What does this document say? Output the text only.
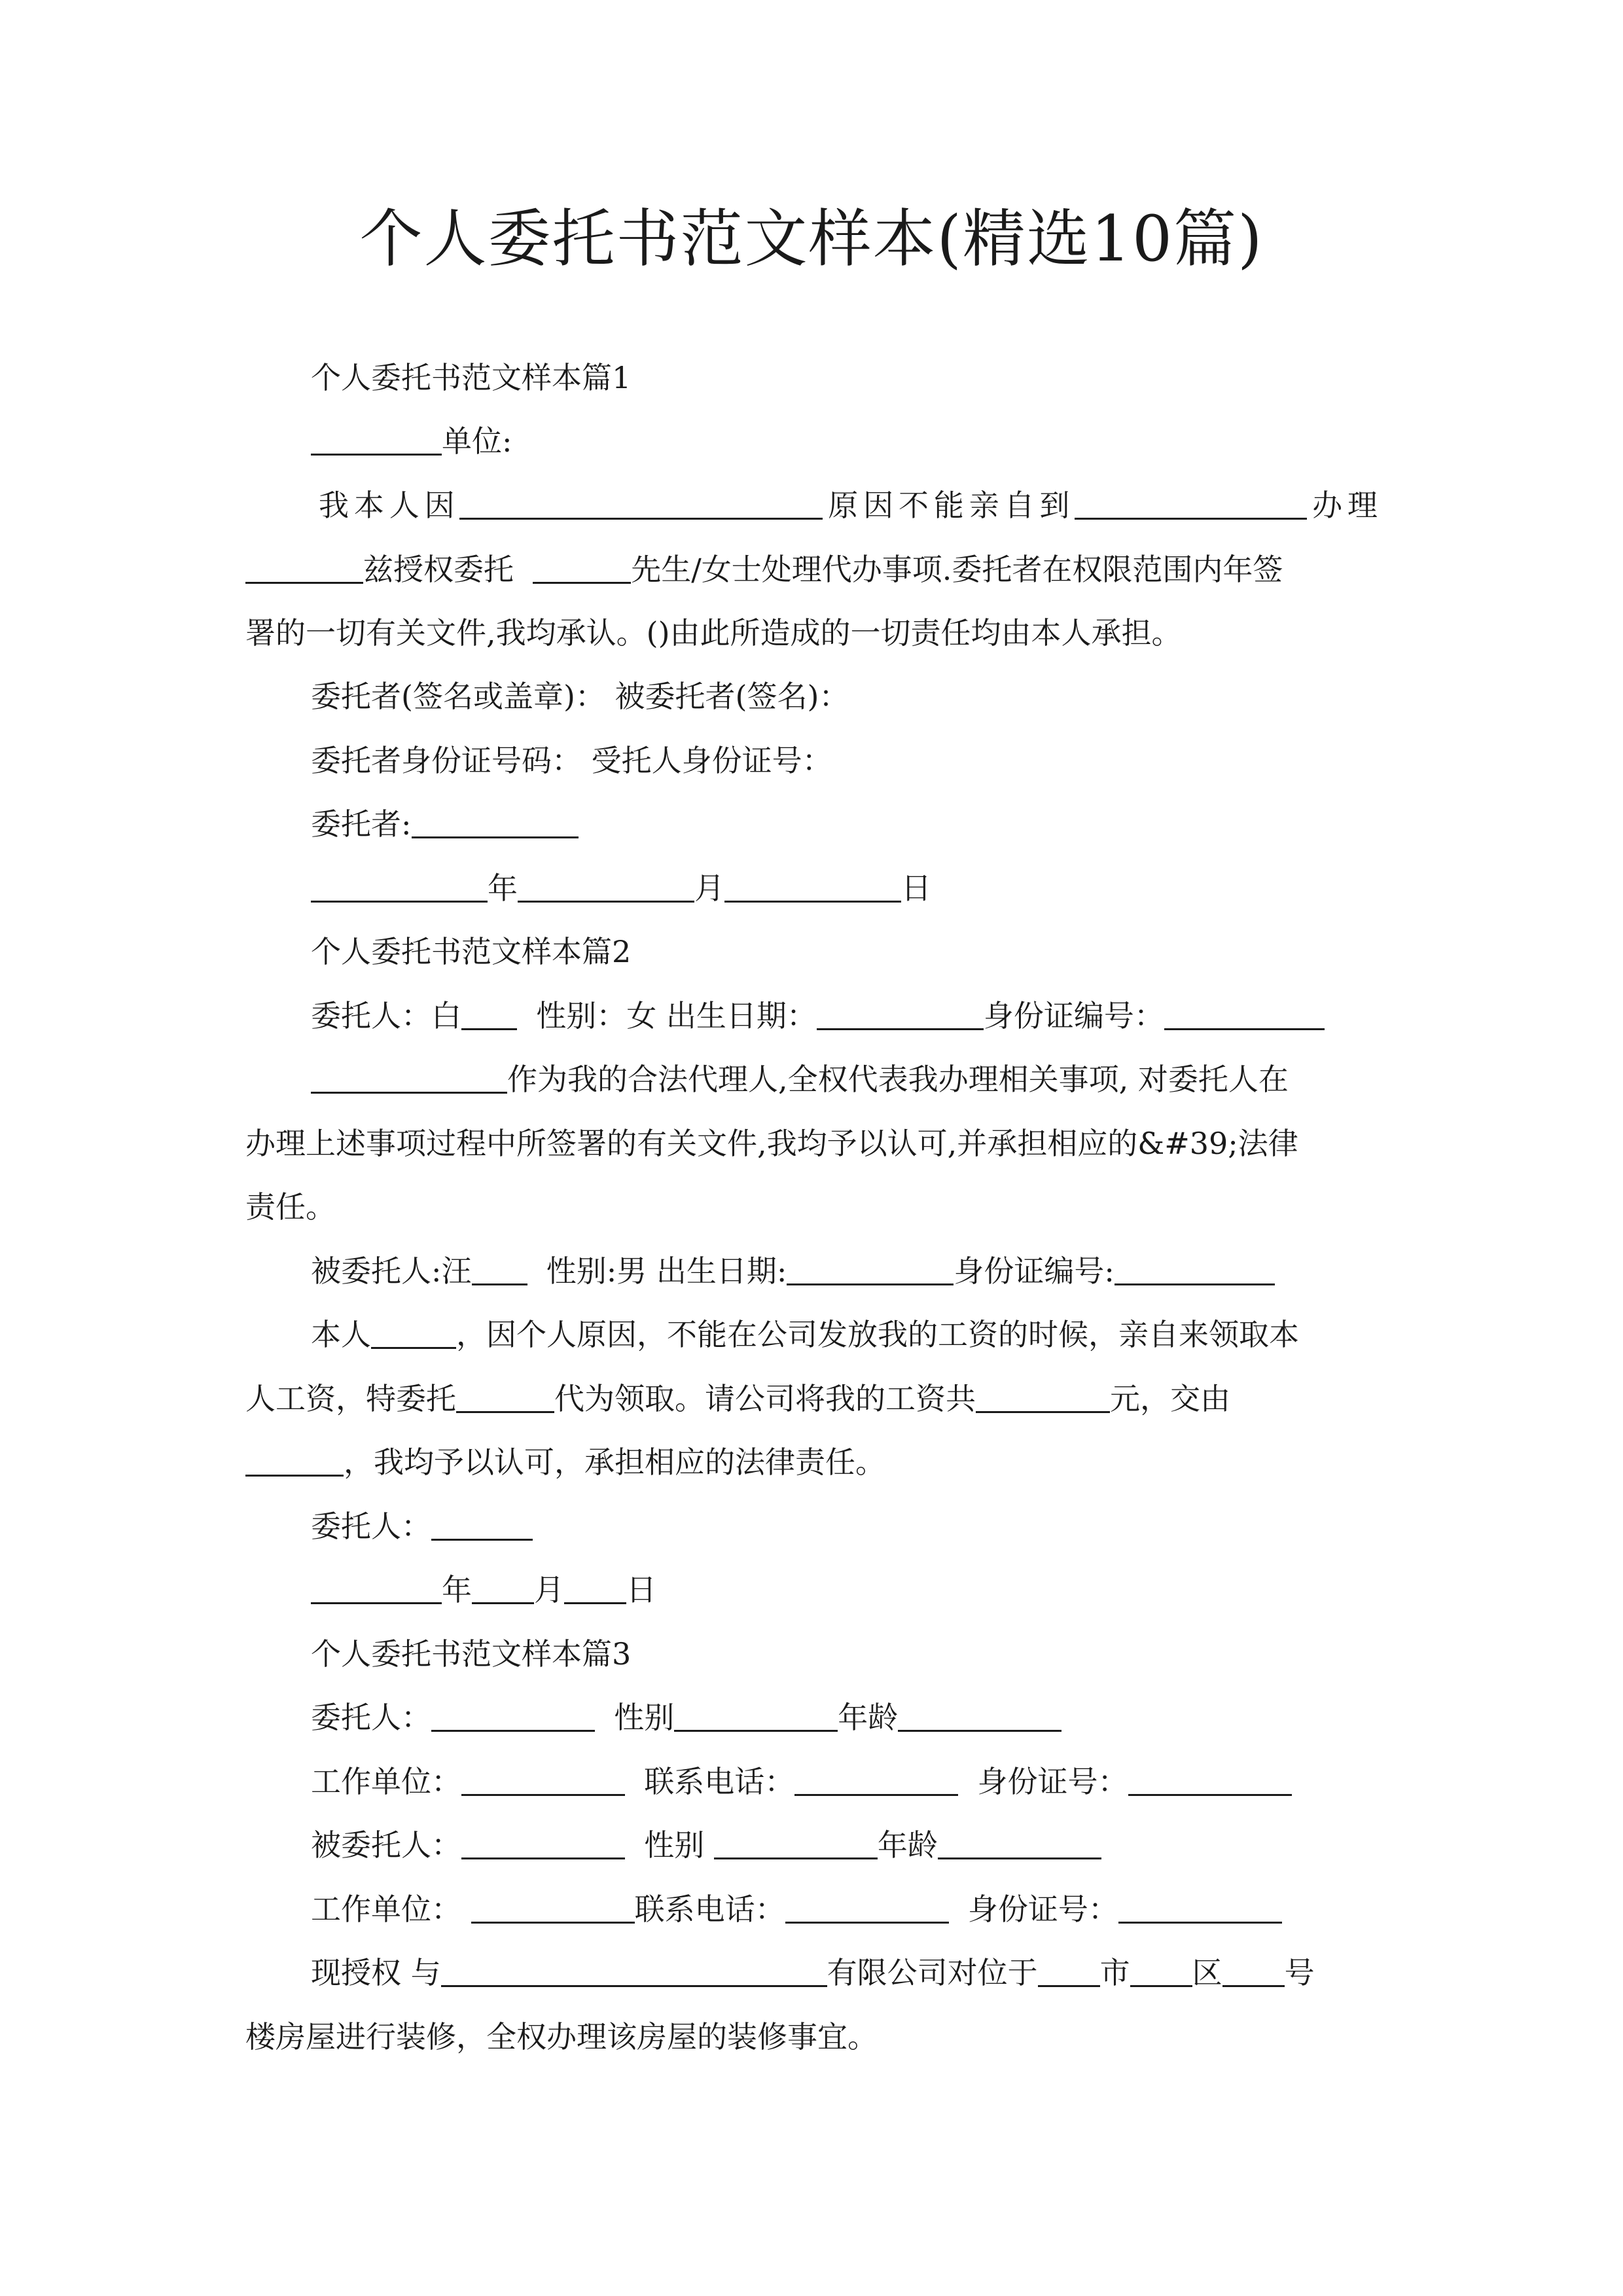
个人委托书范文样本(精选10篇)
个人委托书范文样本篇1
单位:
我本人因	原因不能亲自到	办理
兹授权委托	先生/女士处理代办事项.委托者在权限范围内年签
署的一切有关文件,我均承认。()由此所造成的一切责任均由本人承担。
委托者(签名或盖章)： 被委托者(签名)：
委托者身份证号码： 受托人身份证号：
委托者:
年	月	日
个人委托书范文样本篇2
委托人：白 性别：女 出生日期：	身份证编号：
作为我的合法代理人,全权代表我办理相关事项, 对委托人在
办理上述事项过程中所签署的有关文件,我均予以认可,并承担相应的&#39;法律
责任。
被委托人:汪 性别:男 出生日期:	身份证编号:
本人	，因个人原因，不能在公司发放我的工资的时候，亲自来领取本
人工资，特委托	代为领取。请公司将我的工资共	元，交由
，我均予以认可，承担相应的法律责任。
委托人：
年 月 日
个人委托书范文样本篇3
委托人：	性别	年龄
工作单位：	联系电话：	身份证号：
被委托人：	性别	年龄
工作单位：	联系电话：	身份证号：
现授权 与	有限公司对位于 市 区 号
楼房屋进行装修，全权办理该房屋的装修事宜。
